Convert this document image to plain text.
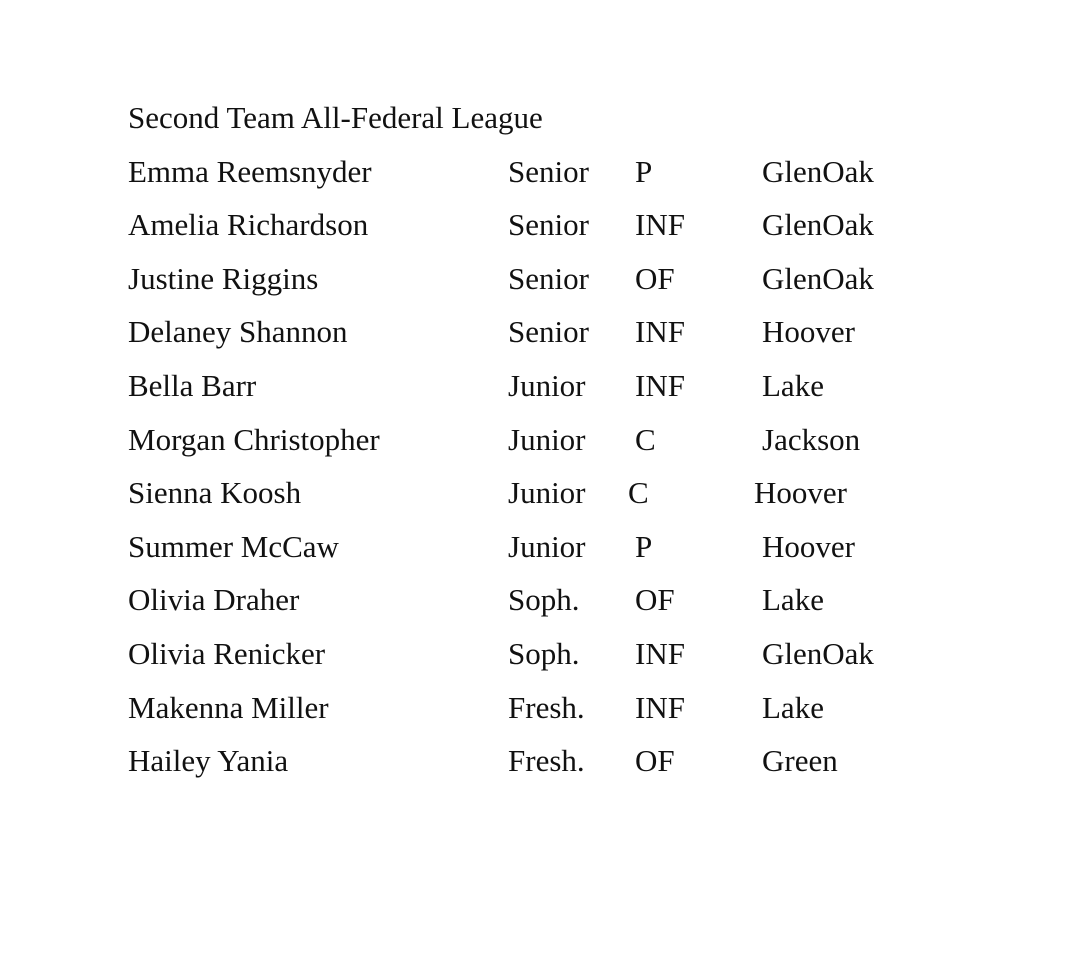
Second Team All-Federal League
Emma Reemsnyder	Senior P	GlenOak
Amelia Richardson	Senior INF GlenOak
Justine Riggins	Senior OF	GlenOak
Delaney Shannon	Senior INF Hoover
Bella Barr	Junior INF Lake
Morgan Christopher	Junior C	Jackson
Sienna Koosh	Junior C	Hoover
Summer McCaw	Junior P	Hoover
Olivia Draher	Soph. OF	Lake
Olivia Renicker	Soph. INF GlenOak
Makenna Miller	Fresh. INF Lake
Hailey Yania	Fresh. OF	Green
